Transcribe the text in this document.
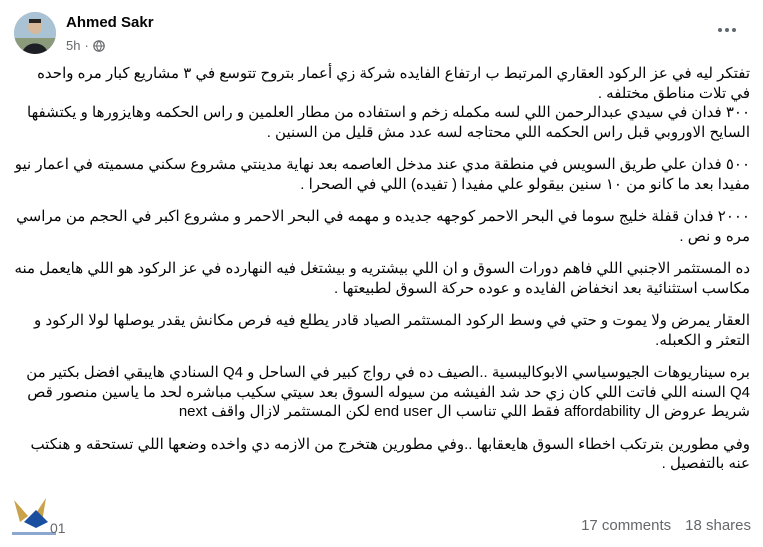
Ahmed Sakr
5h ·

تفتكر ليه في عز الركود العقاري المرتبط ب ارتفاع الفايده شركة زي أعمار بتروح تتوسع في ٣ مشاريع كبار مره واحده في تلات مناطق مختلفه .
٣٠٠ فدان في سيدي عبدالرحمن اللي لسه مكمله زخم و استفاده من مطار العلمين و راس الحكمه وهايزورها و يكتشفها السايح الاوروبي قبل راس الحكمه اللي محتاجه لسه عدد مش قليل من السنين .

٥٠٠ فدان علي طريق السويس في منطقة مدي عند مدخل العاصمه بعد نهاية مدينتي مشروع سكني مسميته في اعمار نيو مفيدا بعد ما كانو من ١٠ سنين بيقولو علي مفيدا ( تفيده) اللي في الصحرا .

٢٠٠٠ فدان قفلة خليج سوما في البحر الاحمر كوجهه جديده و مهمه في البحر الاحمر و مشروع اكبر في الحجم من مراسي مره و نص .

ده المستثمر الاجنبي اللي فاهم دورات السوق و ان اللي بيشتريه و بيشتغل فيه النهارده في عز الركود هو اللي هايعمل منه مكاسب استثنائية بعد انخفاض الفايده و عوده حركة السوق لطبيعتها .

العقار يمرض ولا يموت و حتي في وسط الركود المستثمر الصياد قادر يطلع فيه فرص مكانش يقدر يوصلها لولا الركود و التعثر و الكعبله.

بره سيناريوهات الجيوسياسي الابوكاليبسية ..الصيف ده في رواج كبير في الساحل و Q4 السنادي هايبقي افضل بكتير من Q4 السنه اللي فاتت اللي كان زي حد شد الفيشه من سيوله السوق بعد سيتي سكيب مباشره لحد ما ياسين منصور قص شريط عروض ال affordability فقط اللي تناسب ال end user لكن المستثمر لازال واقف next

وفي مطورين بترتكب اخطاء السوق هايعقابها ..وفي مطورين هتخرج من الازمه دي واخده وضعها اللي تستحقه و هنكتب عنه بالتفصيل .

01	17 comments 18 shares
